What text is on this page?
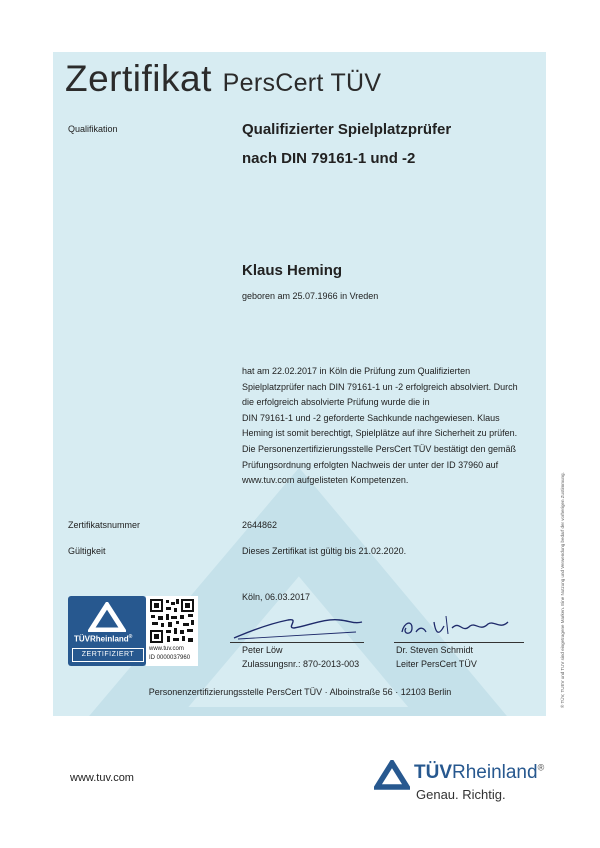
Zertifikat PersCert TÜV
Qualifikation	Qualifizierter Spielplatzprüfer
nach DIN 79161-1 und -2
Klaus Heming
geboren am 25.07.1966 in Vreden
hat am 22.02.2017 in Köln die Prüfung zum Qualifizierten
Spielplatzprüfer nach DIN 79161-1 un -2 erfolgreich absolviert. Durch
die erfolgreich absolvierte Prüfung wurde die in
DIN 79161-1 und -2 geforderte Sachkunde nachgewiesen. Klaus
Heming ist somit berechtigt, Spielplätze auf ihre Sicherheit zu prüfen.
Die Personenzertifizierungsstelle PersCert TÜV bestätigt den gemäß
Prüfungsordnung erfolgten Nachweis der unter der ID 37960 auf
www.tuv.com aufgelisteten Kompetenzen.
Zertifikatsnummer	2644862
Gültigkeit	Dieses Zertifikat ist gültig bis 21.02.2020.
TÜVRheinland®
ZERTIFIZIERT
www.tuv.com
ID 0000037960
Köln, 06.03.2017
Peter Löw
Zulassungsnr.: 870-2013-003
Dr. Steven Schmidt
Leiter PersCert TÜV
Personenzertifizierungsstelle PersCert TÜV · Alboinstraße 56 · 12103 Berlin
www.tuv.com	TÜVRheinland®
Genau. Richtig.
® TÜV, TUEV und TUV sind eingetragene Marken. Eine Nutzung und Verwendung bedarf der vorherigen Zustimmung.
